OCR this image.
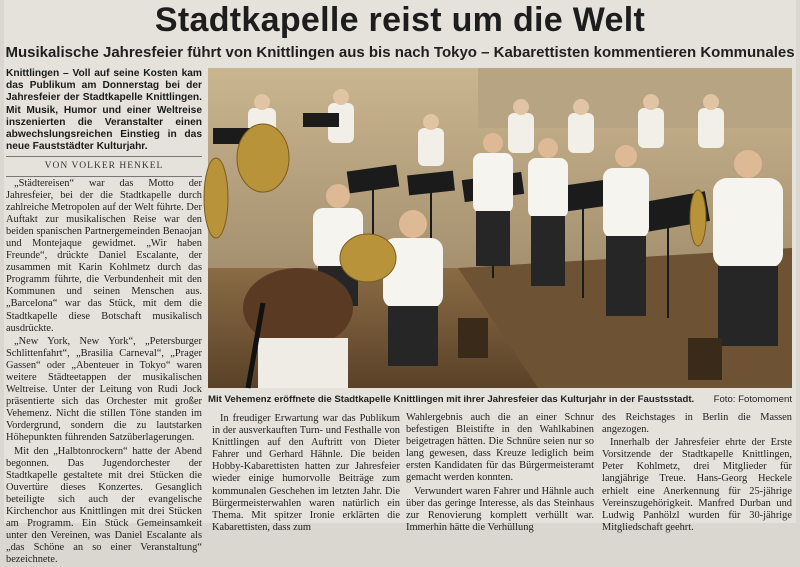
Stadtkapelle reist um die Welt
Musikalische Jahresfeier führt von Knittlingen aus bis nach Tokyo – Kabarettisten kommentieren Kommunales

Knittlingen – Voll auf seine Kosten kam das Publikum am Donnerstag bei der Jahresfeier der Stadtkapelle Knittlingen. Mit Musik, Humor und einer Weltreise inszenierten die Veranstalter einen abwechslungsreichen Einstieg in das neue Fauststädter Kulturjahr.

VON VOLKER HENKEL

„Städtereisen“ war das Motto der Jahresfeier, bei der die Stadtkapelle durch zahlreiche Metropolen auf der Welt führte. Der Auftakt zur musikalischen Reise war den beiden spanischen Partnergemeinden Benaojan und Montejaque gewidmet. „Wir haben Freunde“, drückte Daniel Escalante, der zusammen mit Karin Kohlmetz durch das Programm führte, die Verbundenheit mit den Kommunen und seinen Menschen aus. „Barcelona“ war das Stück, mit dem die Stadtkapelle diese Botschaft musikalisch ausdrückte.

„New York, New York“, „Petersburger Schlittenfahrt“, „Brasilia Carneval“, „Prager Gassen“ oder „Abenteuer in Tokyo“ waren weitere Städteetappen der musikalischen Weltreise. Unter der Leitung von Rudi Jock präsentierte sich das Orchester mit großer Vehemenz. Nicht die stillen Töne standen im Vordergrund, sondern die zu lautstarken Höhepunkten führenden Satzüberlagerungen.

Mit den „Halbtonrockern“ hatte der Abend begonnen. Das Jugendorchester der Stadtkapelle gestaltete mit drei Stücken die Ouvertüre dieses Konzertes. Gesanglich beteiligte sich auch der evangelische Kirchenchor aus Knittlingen mit drei Stücken am Programm. Ein Stück Gemeinsamkeit unter den Vereinen, was Daniel Escalante als „das Schöne an so einer Veranstaltung“ bezeichnete.

Mit Vehemenz eröffnete die Stadtkapelle Knittlingen mit ihrer Jahresfeier das Kulturjahr in der Faustsstadt. Foto: Fotomoment

In freudiger Erwartung war das Publikum in der ausverkauften Turn- und Festhalle von Knittlingen auf den Auftritt von Dieter Fahrer und Gerhard Hähnle. Die beiden Hobby-Kabarettisten hatten zur Jahresfeier wieder einige humorvolle Beiträge zum kommunalen Geschehen im letzten Jahr. Die Bürgermeisterwahlen waren natürlich ein Thema. Mit spitzer Ironie erklärten die Kabarettisten, dass zum

Wahlergebnis auch die an einer Schnur befestigen Bleistifte in den Wahlkabinen beigetragen hätten. Die Schnüre seien nur so lang gewesen, dass Kreuze lediglich beim ersten Kandidaten für das Bürgermeisteramt gemacht werden konnten.

Verwundert waren Fahrer und Hähnle auch über das geringe Interesse, als das Steinhaus zur Renovierung komplett verhüllt war. Immerhin hätte die Verhüllung

des Reichstages in Berlin die Massen angezogen.

Innerhalb der Jahresfeier ehrte der Erste Vorsitzende der Stadtkapelle Knittlingen, Peter Kohlmetz, drei Mitglieder für langjährige Treue. Hans-Georg Heckele erhielt eine Anerkennung für 25-jährige Vereinszugehörigkeit. Manfred Durban und Ludwig Panhölzl wurden für 30-jährige Mitgliedschaft geehrt.
